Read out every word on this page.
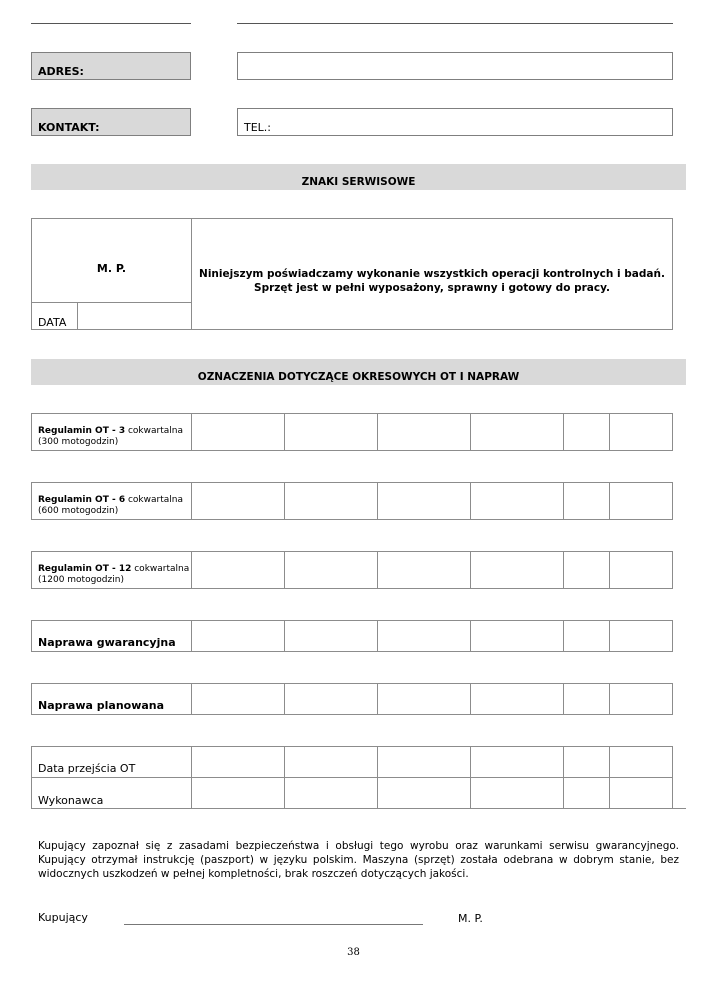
ADRES:
KONTAKT:	TEL.:
ZNAKI SERWISOWE
M. P.
DATA
Niniejszym poświadczamy wykonanie wszystkich operacji kontrolnych i badań. Sprzęt jest w pełni wyposażony, sprawny i gotowy do pracy.
OZNACZENIA DOTYCZĄCE OKRESOWYCH OT I NAPRAW
Regulamin OT - 3 cokwartalna
(300 motogodzin)
Regulamin OT - 6 cokwartalna
(600 motogodzin)
Regulamin OT - 12 cokwartalna
(1200 motogodzin)
Naprawa gwarancyjna
Naprawa planowana
Data przejścia OT
Wykonawca
Kupujący zapoznał się z zasadami bezpieczeństwa i obsługi tego wyrobu oraz warunkami serwisu gwarancyjnego. Kupujący otrzymał instrukcję (paszport) w języku polskim. Maszyna (sprzęt) została odebrana w dobrym stanie, bez widocznych uszkodzeń w pełnej kompletności, brak roszczeń dotyczących jakości.
Kupujący	M. P.
38
